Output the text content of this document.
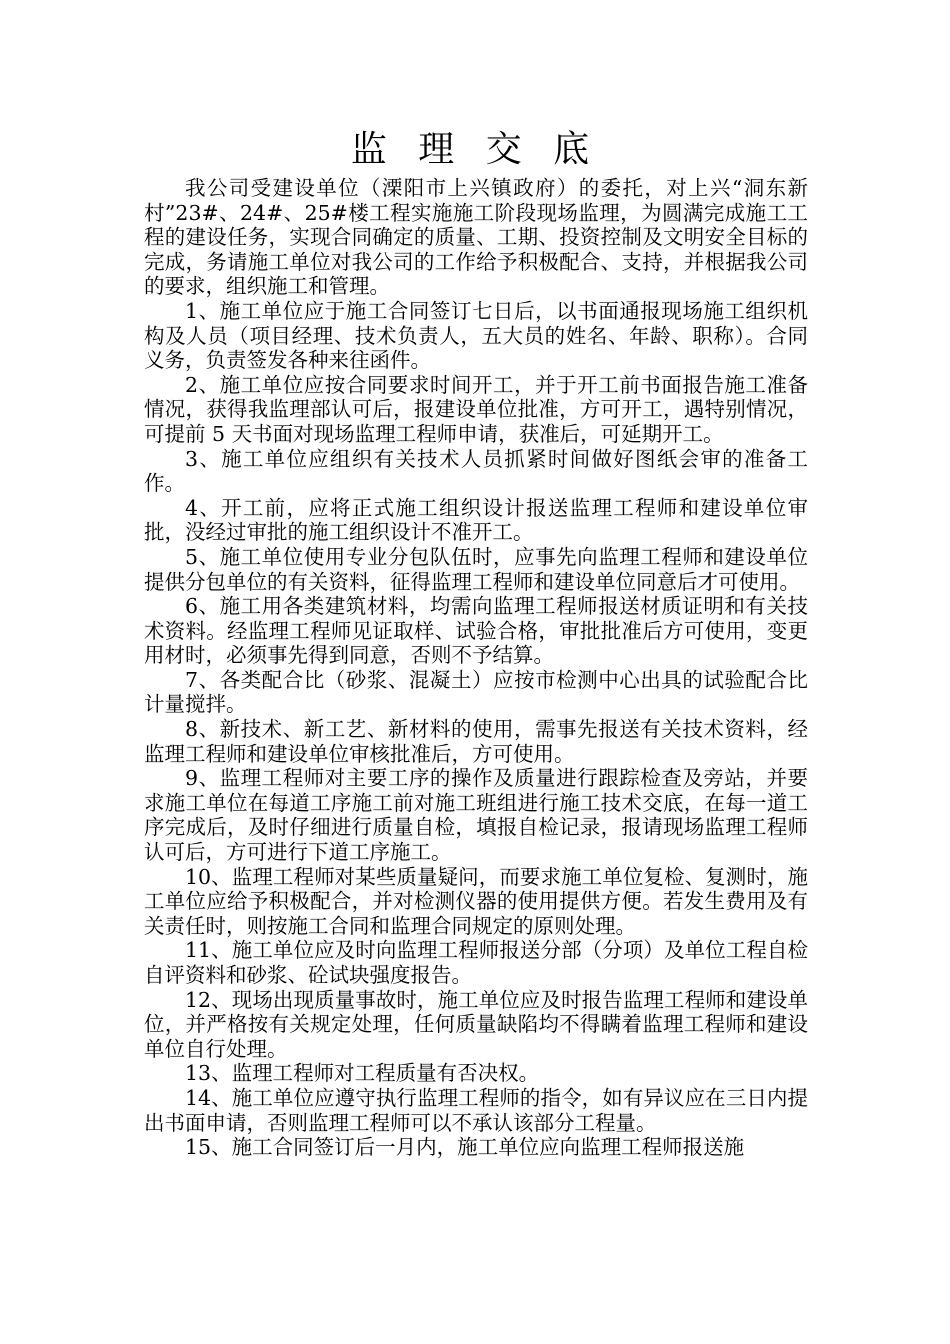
监 理 交 底

我公司受建设单位（溧阳市上兴镇政府）的委托，对上兴“洞东新村”23#、24#、25#楼工程实施施工阶段现场监理，为圆满完成施工工程的建设任务，实现合同确定的质量、工期、投资控制及文明安全目标的完成，务请施工单位对我公司的工作给予积极配合、支持，并根据我公司的要求，组织施工和管理。

1、施工单位应于施工合同签订七日后，以书面通报现场施工组织机构及人员（项目经理、技术负责人，五大员的姓名、年龄、职称）。合同义务，负责签发各种来往函件。

2、施工单位应按合同要求时间开工，并于开工前书面报告施工准备情况，获得我监理部认可后，报建设单位批准，方可开工，遇特别情况，可提前 5 天书面对现场监理工程师申请，获准后，可延期开工。

3、施工单位应组织有关技术人员抓紧时间做好图纸会审的准备工作。

4、开工前，应将正式施工组织设计报送监理工程师和建设单位审批，没经过审批的施工组织设计不准开工。

5、施工单位使用专业分包队伍时，应事先向监理工程师和建设单位提供分包单位的有关资料，征得监理工程师和建设单位同意后才可使用。

6、施工用各类建筑材料，均需向监理工程师报送材质证明和有关技术资料。经监理工程师见证取样、试验合格，审批批准后方可使用，变更用材时，必须事先得到同意，否则不予结算。

7、各类配合比（砂浆、混凝土）应按市检测中心出具的试验配合比计量搅拌。

8、新技术、新工艺、新材料的使用，需事先报送有关技术资料，经监理工程师和建设单位审核批准后，方可使用。

9、监理工程师对主要工序的操作及质量进行跟踪检查及旁站，并要求施工单位在每道工序施工前对施工班组进行施工技术交底，在每一道工序完成后，及时仔细进行质量自检，填报自检记录，报请现场监理工程师认可后，方可进行下道工序施工。

10、监理工程师对某些质量疑问，而要求施工单位复检、复测时，施工单位应给予积极配合，并对检测仪器的使用提供方便。若发生费用及有关责任时，则按施工合同和监理合同规定的原则处理。

11、施工单位应及时向监理工程师报送分部（分项）及单位工程自检自评资料和砂浆、砼试块强度报告。

12、现场出现质量事故时，施工单位应及时报告监理工程师和建设单位，并严格按有关规定处理，任何质量缺陷均不得瞒着监理工程师和建设单位自行处理。

13、监理工程师对工程质量有否决权。

14、施工单位应遵守执行监理工程师的指令，如有异议应在三日内提出书面申请，否则监理工程师可以不承认该部分工程量。

15、施工合同签订后一月内，施工单位应向监理工程师报送施
